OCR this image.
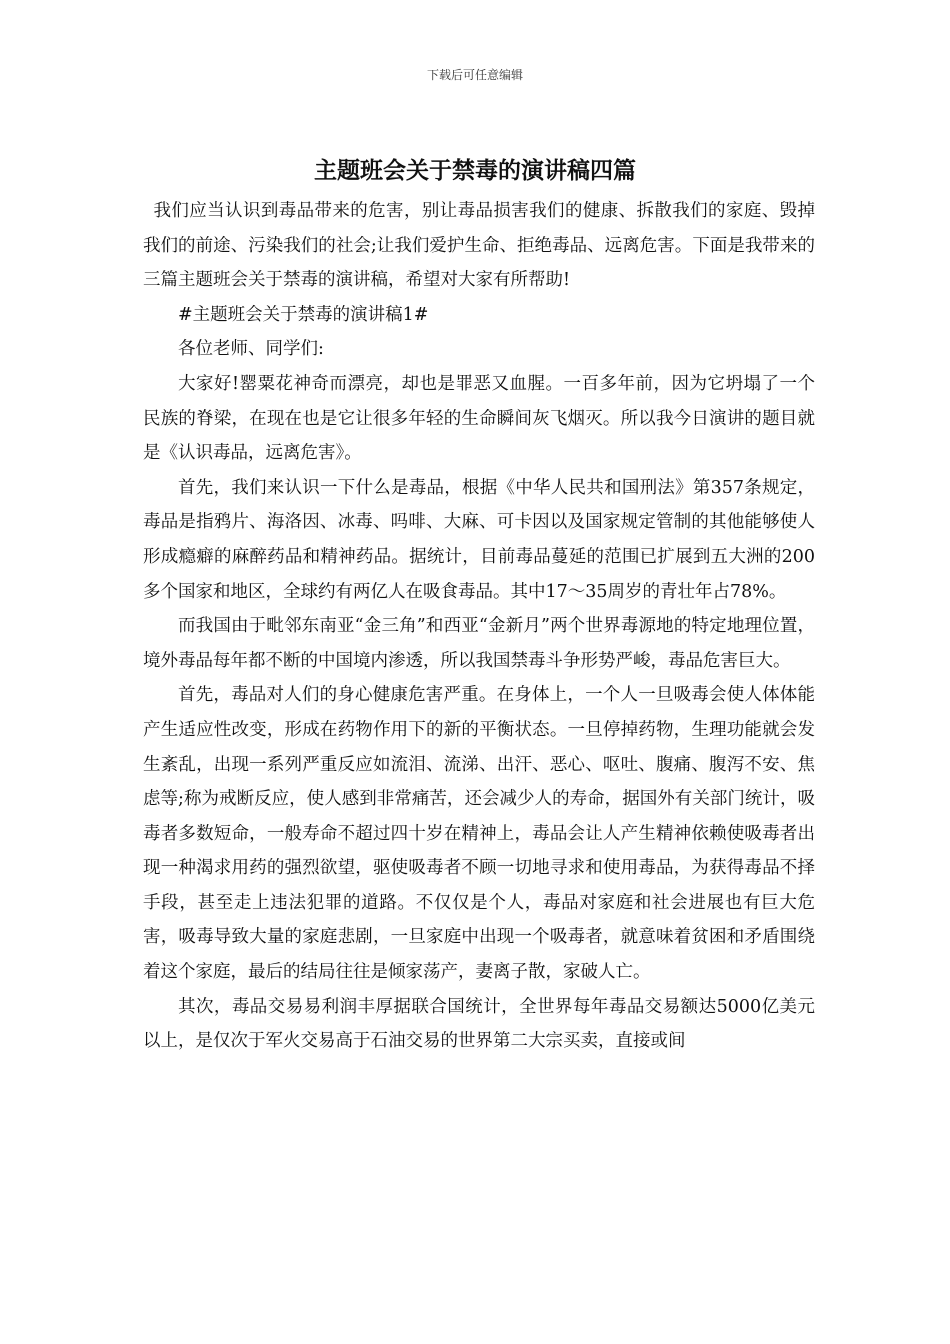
下载后可任意编辑
主题班会关于禁毒的演讲稿四篇

我们应当认识到毒品带来的危害，别让毒品损害我们的健康、拆散我们的家庭、毁掉我们的前途、污染我们的社会;让我们爱护生命、拒绝毒品、远离危害。下面是我带来的三篇主题班会关于禁毒的演讲稿，希望对大家有所帮助!

#主题班会关于禁毒的演讲稿1#

各位老师、同学们:

大家好!罂粟花神奇而漂亮，却也是罪恶又血腥。一百多年前，因为它坍塌了一个民族的脊梁，在现在也是它让很多年轻的生命瞬间灰飞烟灭。所以我今日演讲的题目就是《认识毒品，远离危害》。

首先，我们来认识一下什么是毒品，根据《中华人民共和国刑法》第357条规定，毒品是指鸦片、海洛因、冰毒、吗啡、大麻、可卡因以及国家规定管制的其他能够使人形成瘾癖的麻醉药品和精神药品。据统计，目前毒品蔓延的范围已扩展到五大洲的200多个国家和地区，全球约有两亿人在吸食毒品。其中17～35周岁的青壮年占78%。

而我国由于毗邻东南亚“金三角”和西亚“金新月”两个世界毒源地的特定地理位置，境外毒品每年都不断的中国境内渗透，所以我国禁毒斗争形势严峻，毒品危害巨大。

首先，毒品对人们的身心健康危害严重。在身体上，一个人一旦吸毒会使人体体能产生适应性改变，形成在药物作用下的新的平衡状态。一旦停掉药物，生理功能就会发生紊乱，出现一系列严重反应如流泪、流涕、出汗、恶心、呕吐、腹痛、腹泻不安、焦虑等;称为戒断反应，使人感到非常痛苦，还会减少人的寿命，据国外有关部门统计，吸毒者多数短命，一般寿命不超过四十岁在精神上，毒品会让人产生精神依赖使吸毒者出现一种渴求用药的强烈欲望，驱使吸毒者不顾一切地寻求和使用毒品，为获得毒品不择手段，甚至走上违法犯罪的道路。不仅仅是个人，毒品对家庭和社会进展也有巨大危害，吸毒导致大量的家庭悲剧，一旦家庭中出现一个吸毒者，就意味着贫困和矛盾围绕着这个家庭，最后的结局往往是倾家荡产，妻离子散，家破人亡。

其次，毒品交易易利润丰厚据联合国统计，全世界每年毒品交易额达5000亿美元以上，是仅次于军火交易高于石油交易的世界第二大宗买卖，直接或间
